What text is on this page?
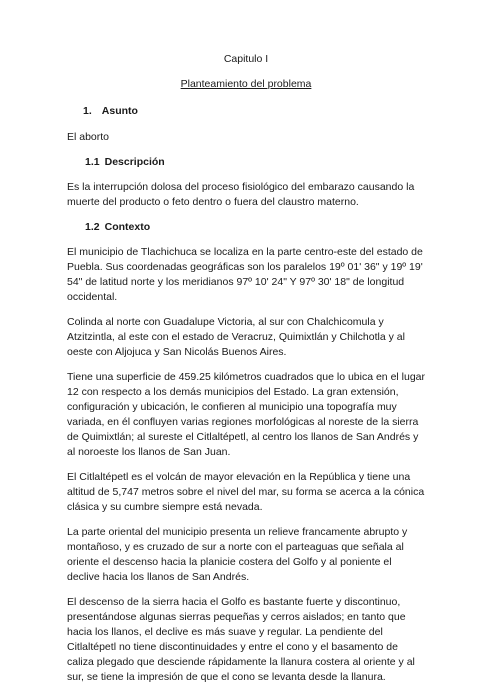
Capitulo I
Planteamiento del problema
1. Asunto

El aborto

1.1 Descripción

Es la interrupción dolosa del proceso fisiológico del embarazo causando la muerte del producto o feto dentro o fuera del claustro materno.

1.2 Contexto

El municipio de Tlachichuca se localiza en la parte centro-este del estado de Puebla. Sus coordenadas geográficas son los paralelos 19º 01' 36" y 19º 19' 54" de latitud norte y los meridianos 97º 10' 24" Y 97º 30' 18" de longitud occidental.

Colinda al norte con Guadalupe Victoria, al sur con Chalchicomula y Atzitzintla, al este con el estado de Veracruz, Quimixtlán y Chilchotla y al oeste con Aljojuca y San Nicolás Buenos Aires.

Tiene una superficie de 459.25 kilómetros cuadrados que lo ubica en el lugar 12 con respecto a los demás municipios del Estado. La gran extensión, configuración y ubicación, le confieren al municipio una topografía muy variada, en él confluyen varias regiones morfológicas al noreste de la sierra de Quimixtlán; al sureste el Citlaltépetl, al centro los llanos de San Andrés y al noroeste los llanos de San Juan.

El Citlaltépetl es el volcán de mayor elevación en la República y tiene una altitud de 5,747 metros sobre el nivel del mar, su forma se acerca a la cónica clásica y su cumbre siempre está nevada.

La parte oriental del municipio presenta un relieve francamente abrupto y montañoso, y es cruzado de sur a norte con el parteaguas que señala al oriente el descenso hacia la planicie costera del Golfo y al poniente el declive hacia los llanos de San Andrés.

El descenso de la sierra hacia el Golfo es bastante fuerte y discontinuo, presentándose algunas sierras pequeñas y cerros aislados; en tanto que hacia los llanos, el declive es más suave y regular. La pendiente del Citlaltépetl no tiene discontinuidades y entre el cono y el basamento de caliza plegado que desciende rápidamente la llanura costera al oriente y al sur, se tiene la impresión de que el cono se levanta desde la llanura.
